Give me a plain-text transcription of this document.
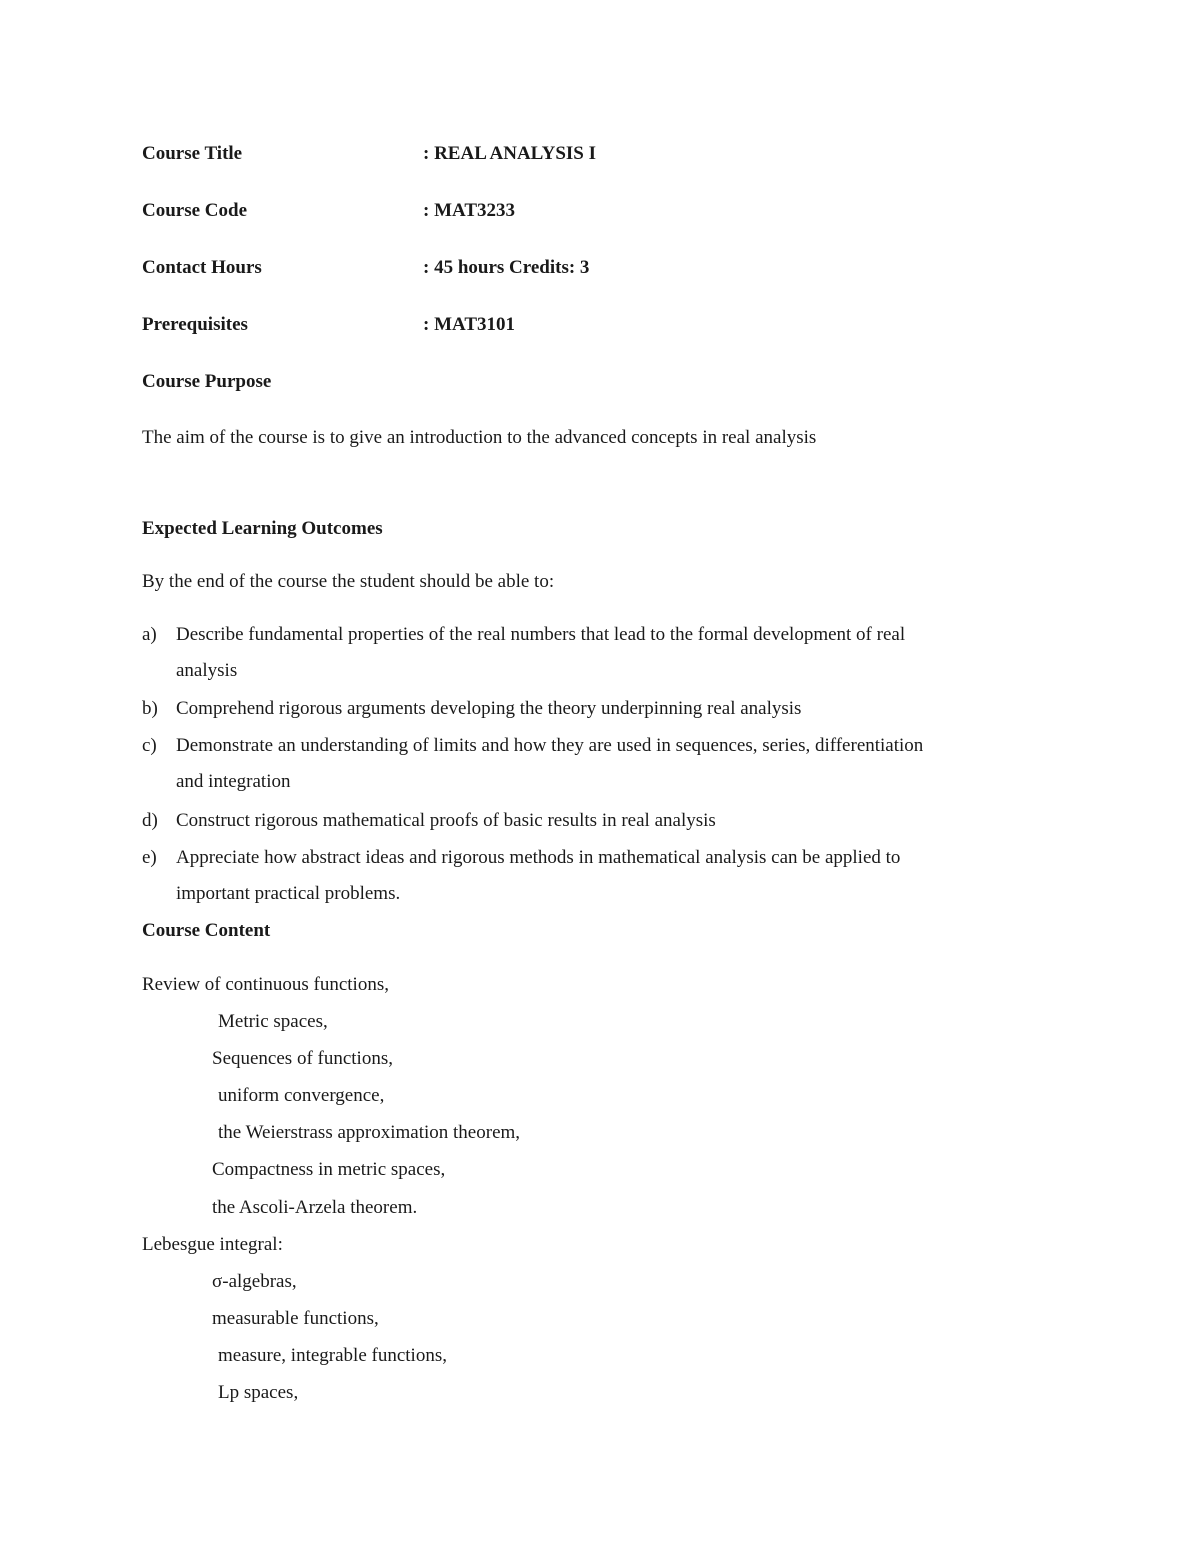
Course Title	: REAL ANALYSIS I
Course Code	: MAT3233
Contact Hours	: 45 hours Credits: 3
Prerequisites	: MAT3101
Course Purpose
The aim of the course is to give an introduction to the advanced concepts in real analysis
Expected Learning Outcomes
By the end of the course the student should be able to:
a) Describe fundamental properties of the real numbers that lead to the formal development of real
analysis
b) Comprehend rigorous arguments developing the theory underpinning real analysis
c) Demonstrate an understanding of limits and how they are used in sequences, series, differentiation
and integration
d) Construct rigorous mathematical proofs of basic results in real analysis
e) Appreciate how abstract ideas and rigorous methods in mathematical analysis can be applied to
important practical problems.
Course Content
Review of continuous functions,
Metric spaces,
Sequences of functions,
uniform convergence,
the Weierstrass approximation theorem,
Compactness in metric spaces,
the Ascoli-Arzela theorem.
Lebesgue integral:
σ-algebras,
measurable functions,
measure, integrable functions,
Lp spaces,
